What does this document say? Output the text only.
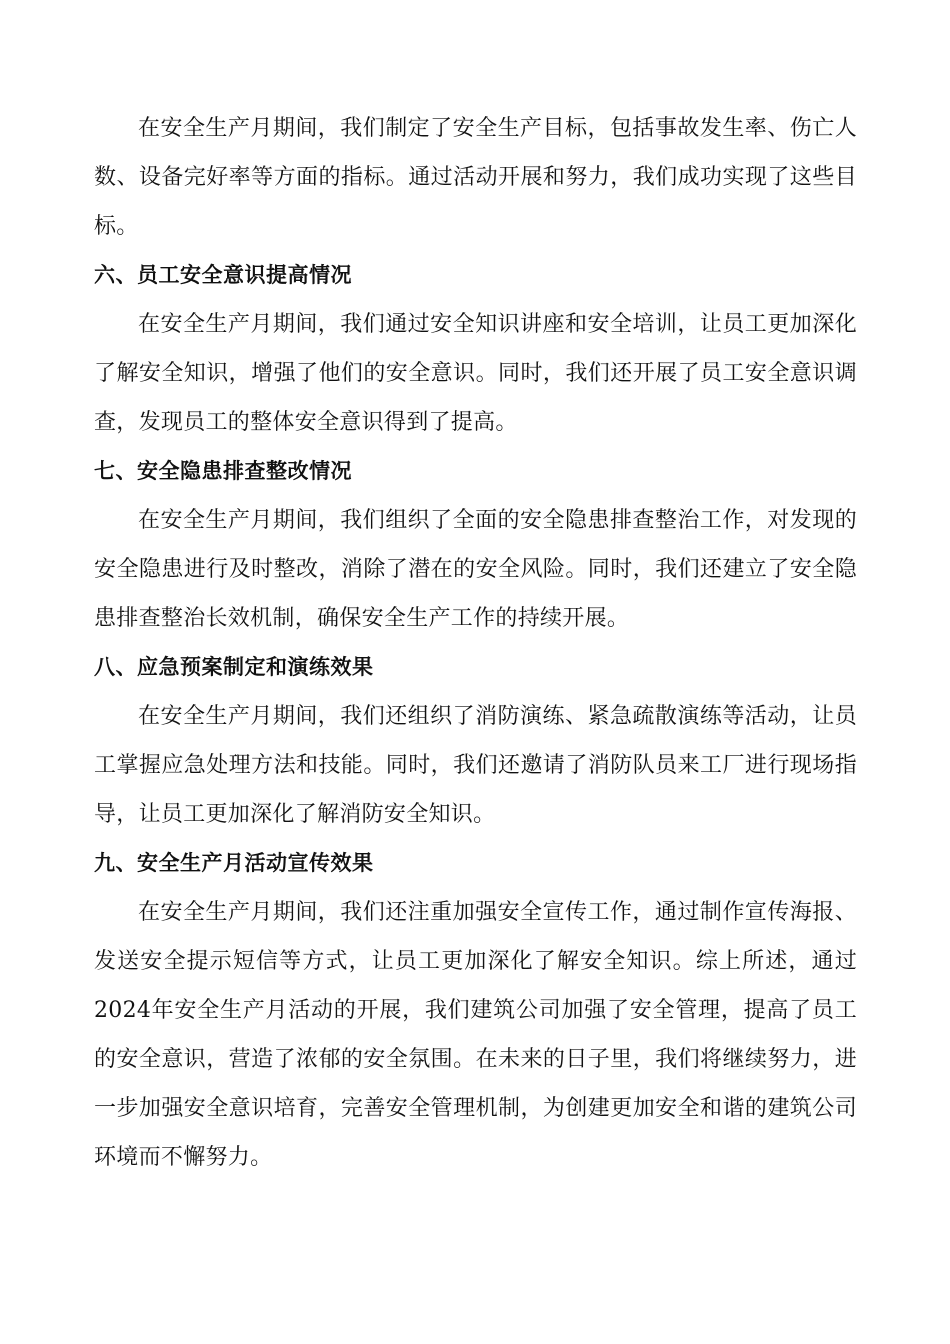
在安全生产月期间，我们制定了安全生产目标，包括事故发生率、伤亡人数、设备完好率等方面的指标。通过活动开展和努力，我们成功实现了这些目标。

六、员工安全意识提高情况

在安全生产月期间，我们通过安全知识讲座和安全培训，让员工更加深化了解安全知识，增强了他们的安全意识。同时，我们还开展了员工安全意识调查，发现员工的整体安全意识得到了提高。

七、安全隐患排查整改情况

在安全生产月期间，我们组织了全面的安全隐患排查整治工作，对发现的安全隐患进行及时整改，消除了潜在的安全风险。同时，我们还建立了安全隐患排查整治长效机制，确保安全生产工作的持续开展。

八、应急预案制定和演练效果

在安全生产月期间，我们还组织了消防演练、紧急疏散演练等活动，让员工掌握应急处理方法和技能。同时，我们还邀请了消防队员来工厂进行现场指导，让员工更加深化了解消防安全知识。

九、安全生产月活动宣传效果

在安全生产月期间，我们还注重加强安全宣传工作，通过制作宣传海报、发送安全提示短信等方式，让员工更加深化了解安全知识。综上所述，通过2024年安全生产月活动的开展，我们建筑公司加强了安全管理，提高了员工的安全意识，营造了浓郁的安全氛围。在未来的日子里，我们将继续努力，进一步加强安全意识培育，完善安全管理机制，为创建更加安全和谐的建筑公司环境而不懈努力。
